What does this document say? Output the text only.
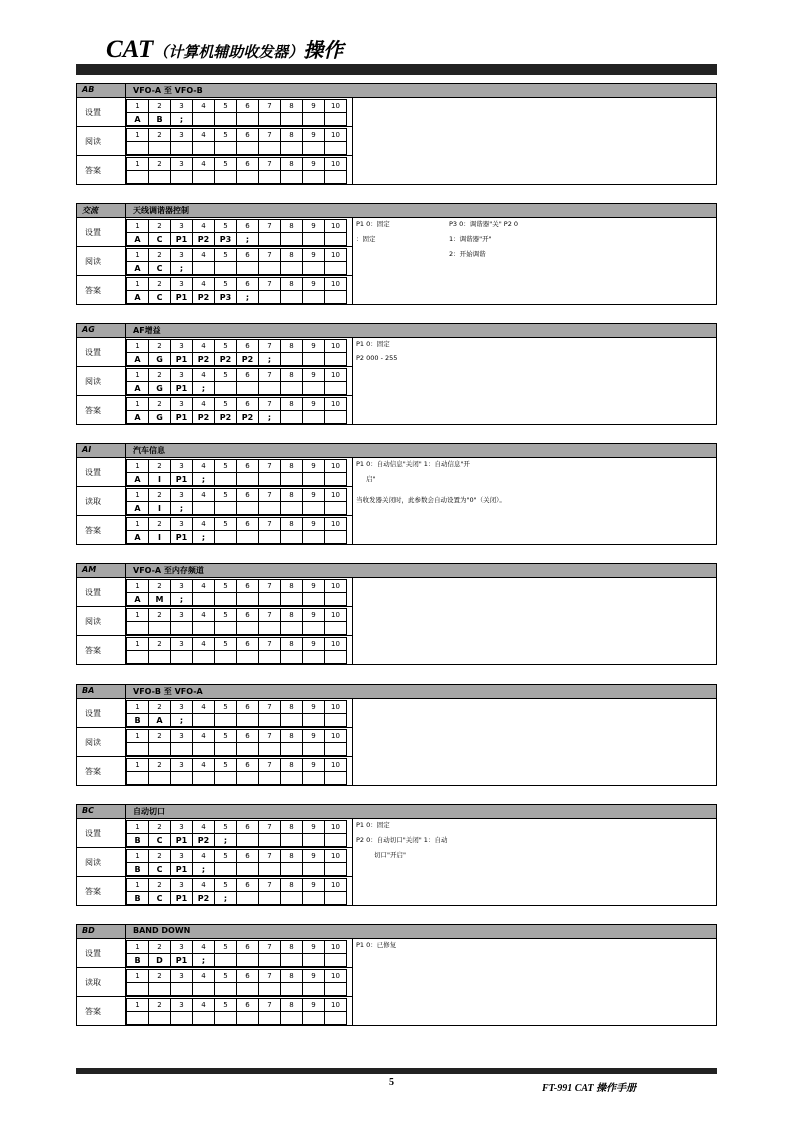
CAT（计算机辅助收发器）操作
AB	VFO-A 至 VFO-B
设置
1	2	3	4	5	6	7	8	9	10
A	B	;							
阅读
1	2	3	4	5	6	7	8	9	10

答案
1	2	3	4	5	6	7	8	9	10

交流	天线调谐器控制
设置
1	2	3	4	5	6	7	8	9	10
A	C	P1	P2	P3	;				
阅读
1	2	3	4	5	6	7	8	9	10
A	C	;							
答案
1	2	3	4	5	6	7	8	9	10
A	C	P1	P2	P3	;				
P1 0：固定
：固定
P3 0：调谐器"关" P2 0
1：调谐器"开"
2：开始调谐
AG	AF增益
设置
1	2	3	4	5	6	7	8	9	10
A	G	P1	P2	P2	P2	;			
阅读
1	2	3	4	5	6	7	8	9	10
A	G	P1	;						
答案
1	2	3	4	5	6	7	8	9	10
A	G	P1	P2	P2	P2	;			
P1 0：固定
P2 000 - 255
AI	汽车信息
设置
1	2	3	4	5	6	7	8	9	10
A	I	P1	;						
读取
1	2	3	4	5	6	7	8	9	10
A	I	;							
答案
1	2	3	4	5	6	7	8	9	10
A	I	P1	;						
P1 0：自动信息"关闭" 1：自动信息"开
启"
当收发器关闭时，此参数会自动设置为"0"（关闭）。
AM	VFO-A 至内存频道
设置
1	2	3	4	5	6	7	8	9	10
A	M	;							
阅读
1	2	3	4	5	6	7	8	9	10

答案
1	2	3	4	5	6	7	8	9	10

BA	VFO-B 至 VFO-A
设置
1	2	3	4	5	6	7	8	9	10
B	A	;							
阅读
1	2	3	4	5	6	7	8	9	10

答案
1	2	3	4	5	6	7	8	9	10

BC	自动切口
设置
1	2	3	4	5	6	7	8	9	10
B	C	P1	P2	;					
阅读
1	2	3	4	5	6	7	8	9	10
B	C	P1	;						
答案
1	2	3	4	5	6	7	8	9	10
B	C	P1	P2	;					
P1 0：固定
P2 0：自动切口"关闭" 1：自动
切口"开启"
BD	BAND DOWN
设置
1	2	3	4	5	6	7	8	9	10
B	D	P1	;						
读取
1	2	3	4	5	6	7	8	9	10

答案
1	2	3	4	5	6	7	8	9	10

P1 0：已修复
5
FT-991 CAT 操作手册
